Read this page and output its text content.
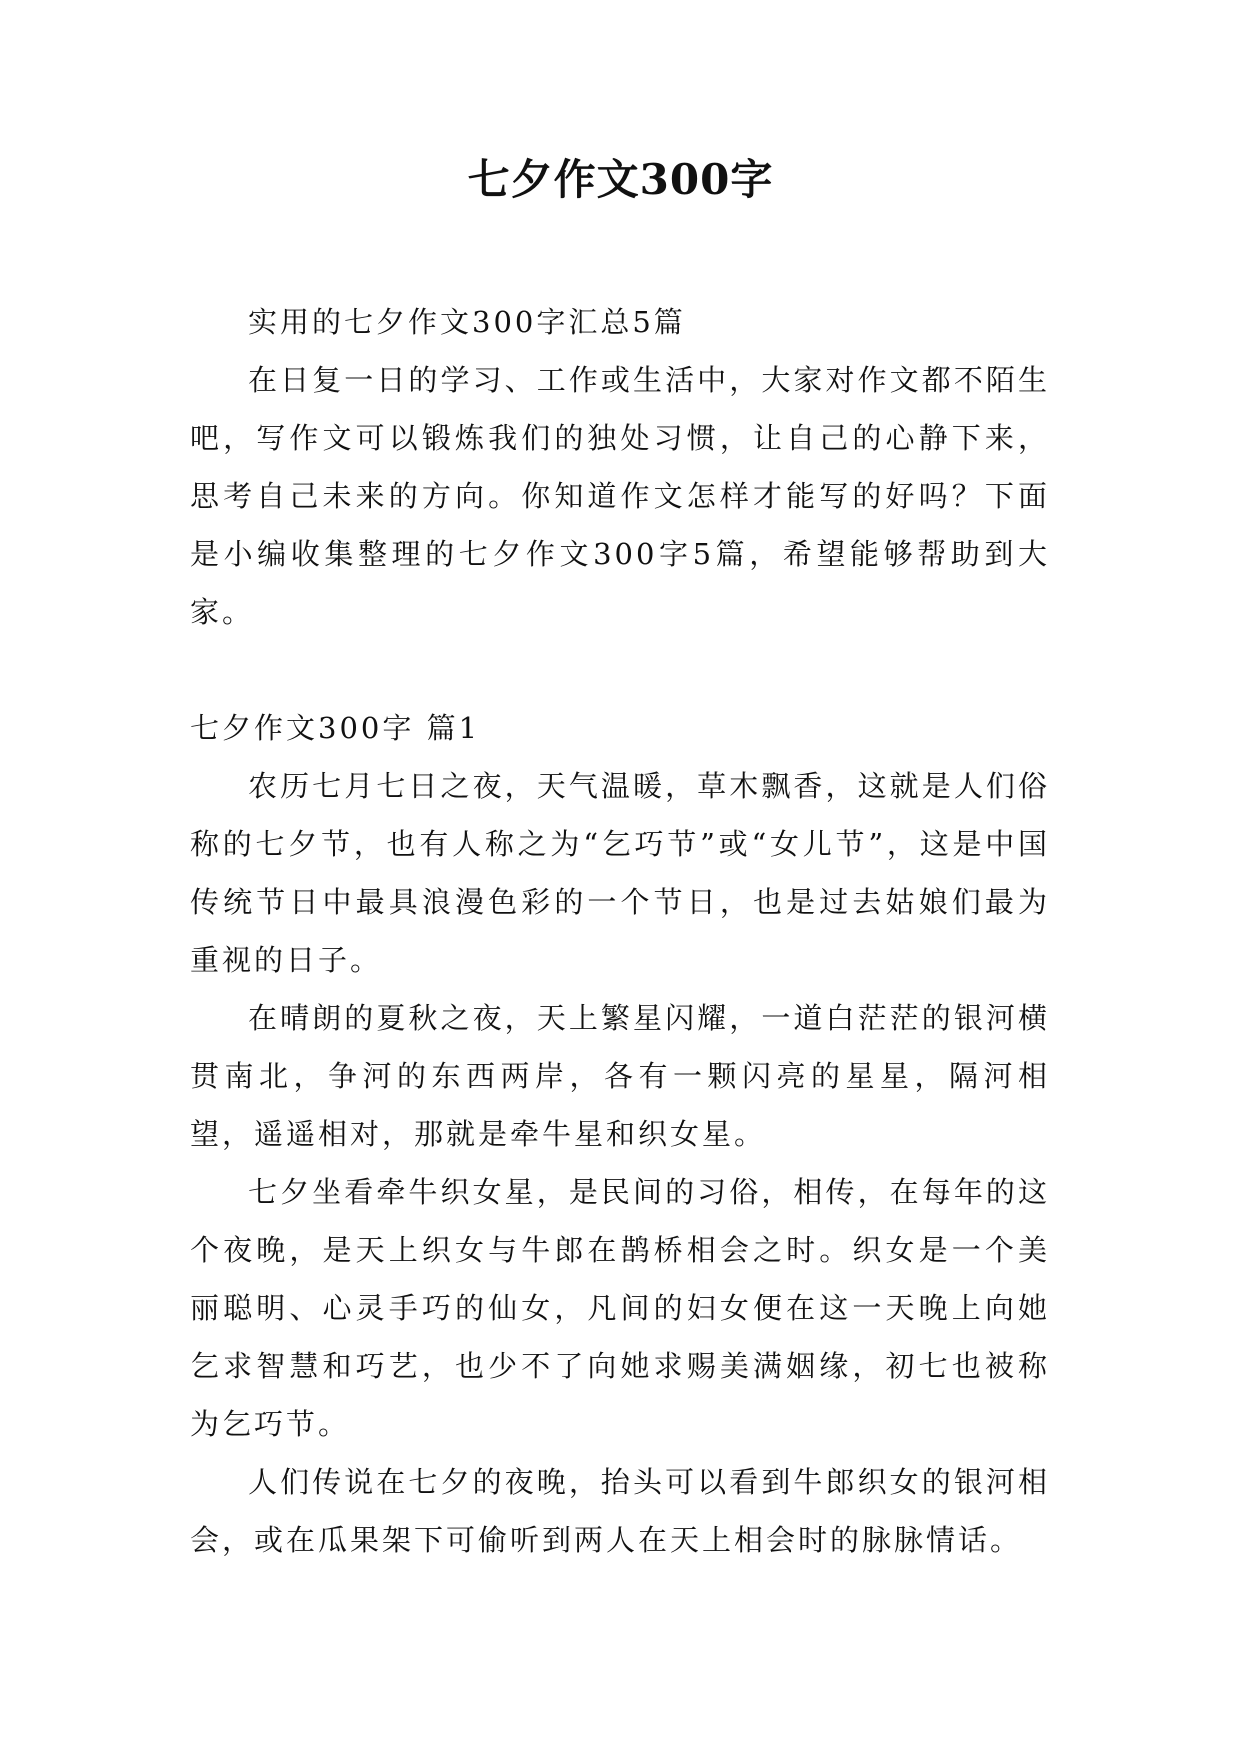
七夕作文300字

实用的七夕作文300字汇总5篇

在日复一日的学习、工作或生活中，大家对作文都不陌生吧，写作文可以锻炼我们的独处习惯，让自己的心静下来，思考自己未来的方向。你知道作文怎样才能写的好吗？下面是小编收集整理的七夕作文300字5篇，希望能够帮助到大家。

七夕作文300字 篇1

农历七月七日之夜，天气温暖，草木飘香，这就是人们俗称的七夕节，也有人称之为“乞巧节”或“女儿节”，这是中国传统节日中最具浪漫色彩的一个节日，也是过去姑娘们最为重视的日子。

在晴朗的夏秋之夜，天上繁星闪耀，一道白茫茫的银河横贯南北，争河的东西两岸，各有一颗闪亮的星星，隔河相望，遥遥相对，那就是牵牛星和织女星。

七夕坐看牵牛织女星，是民间的习俗，相传，在每年的这个夜晚，是天上织女与牛郎在鹊桥相会之时。织女是一个美丽聪明、心灵手巧的仙女，凡间的妇女便在这一天晚上向她乞求智慧和巧艺，也少不了向她求赐美满姻缘，初七也被称为乞巧节。

人们传说在七夕的夜晚，抬头可以看到牛郎织女的银河相会，或在瓜果架下可偷听到两人在天上相会时的脉脉情话。
